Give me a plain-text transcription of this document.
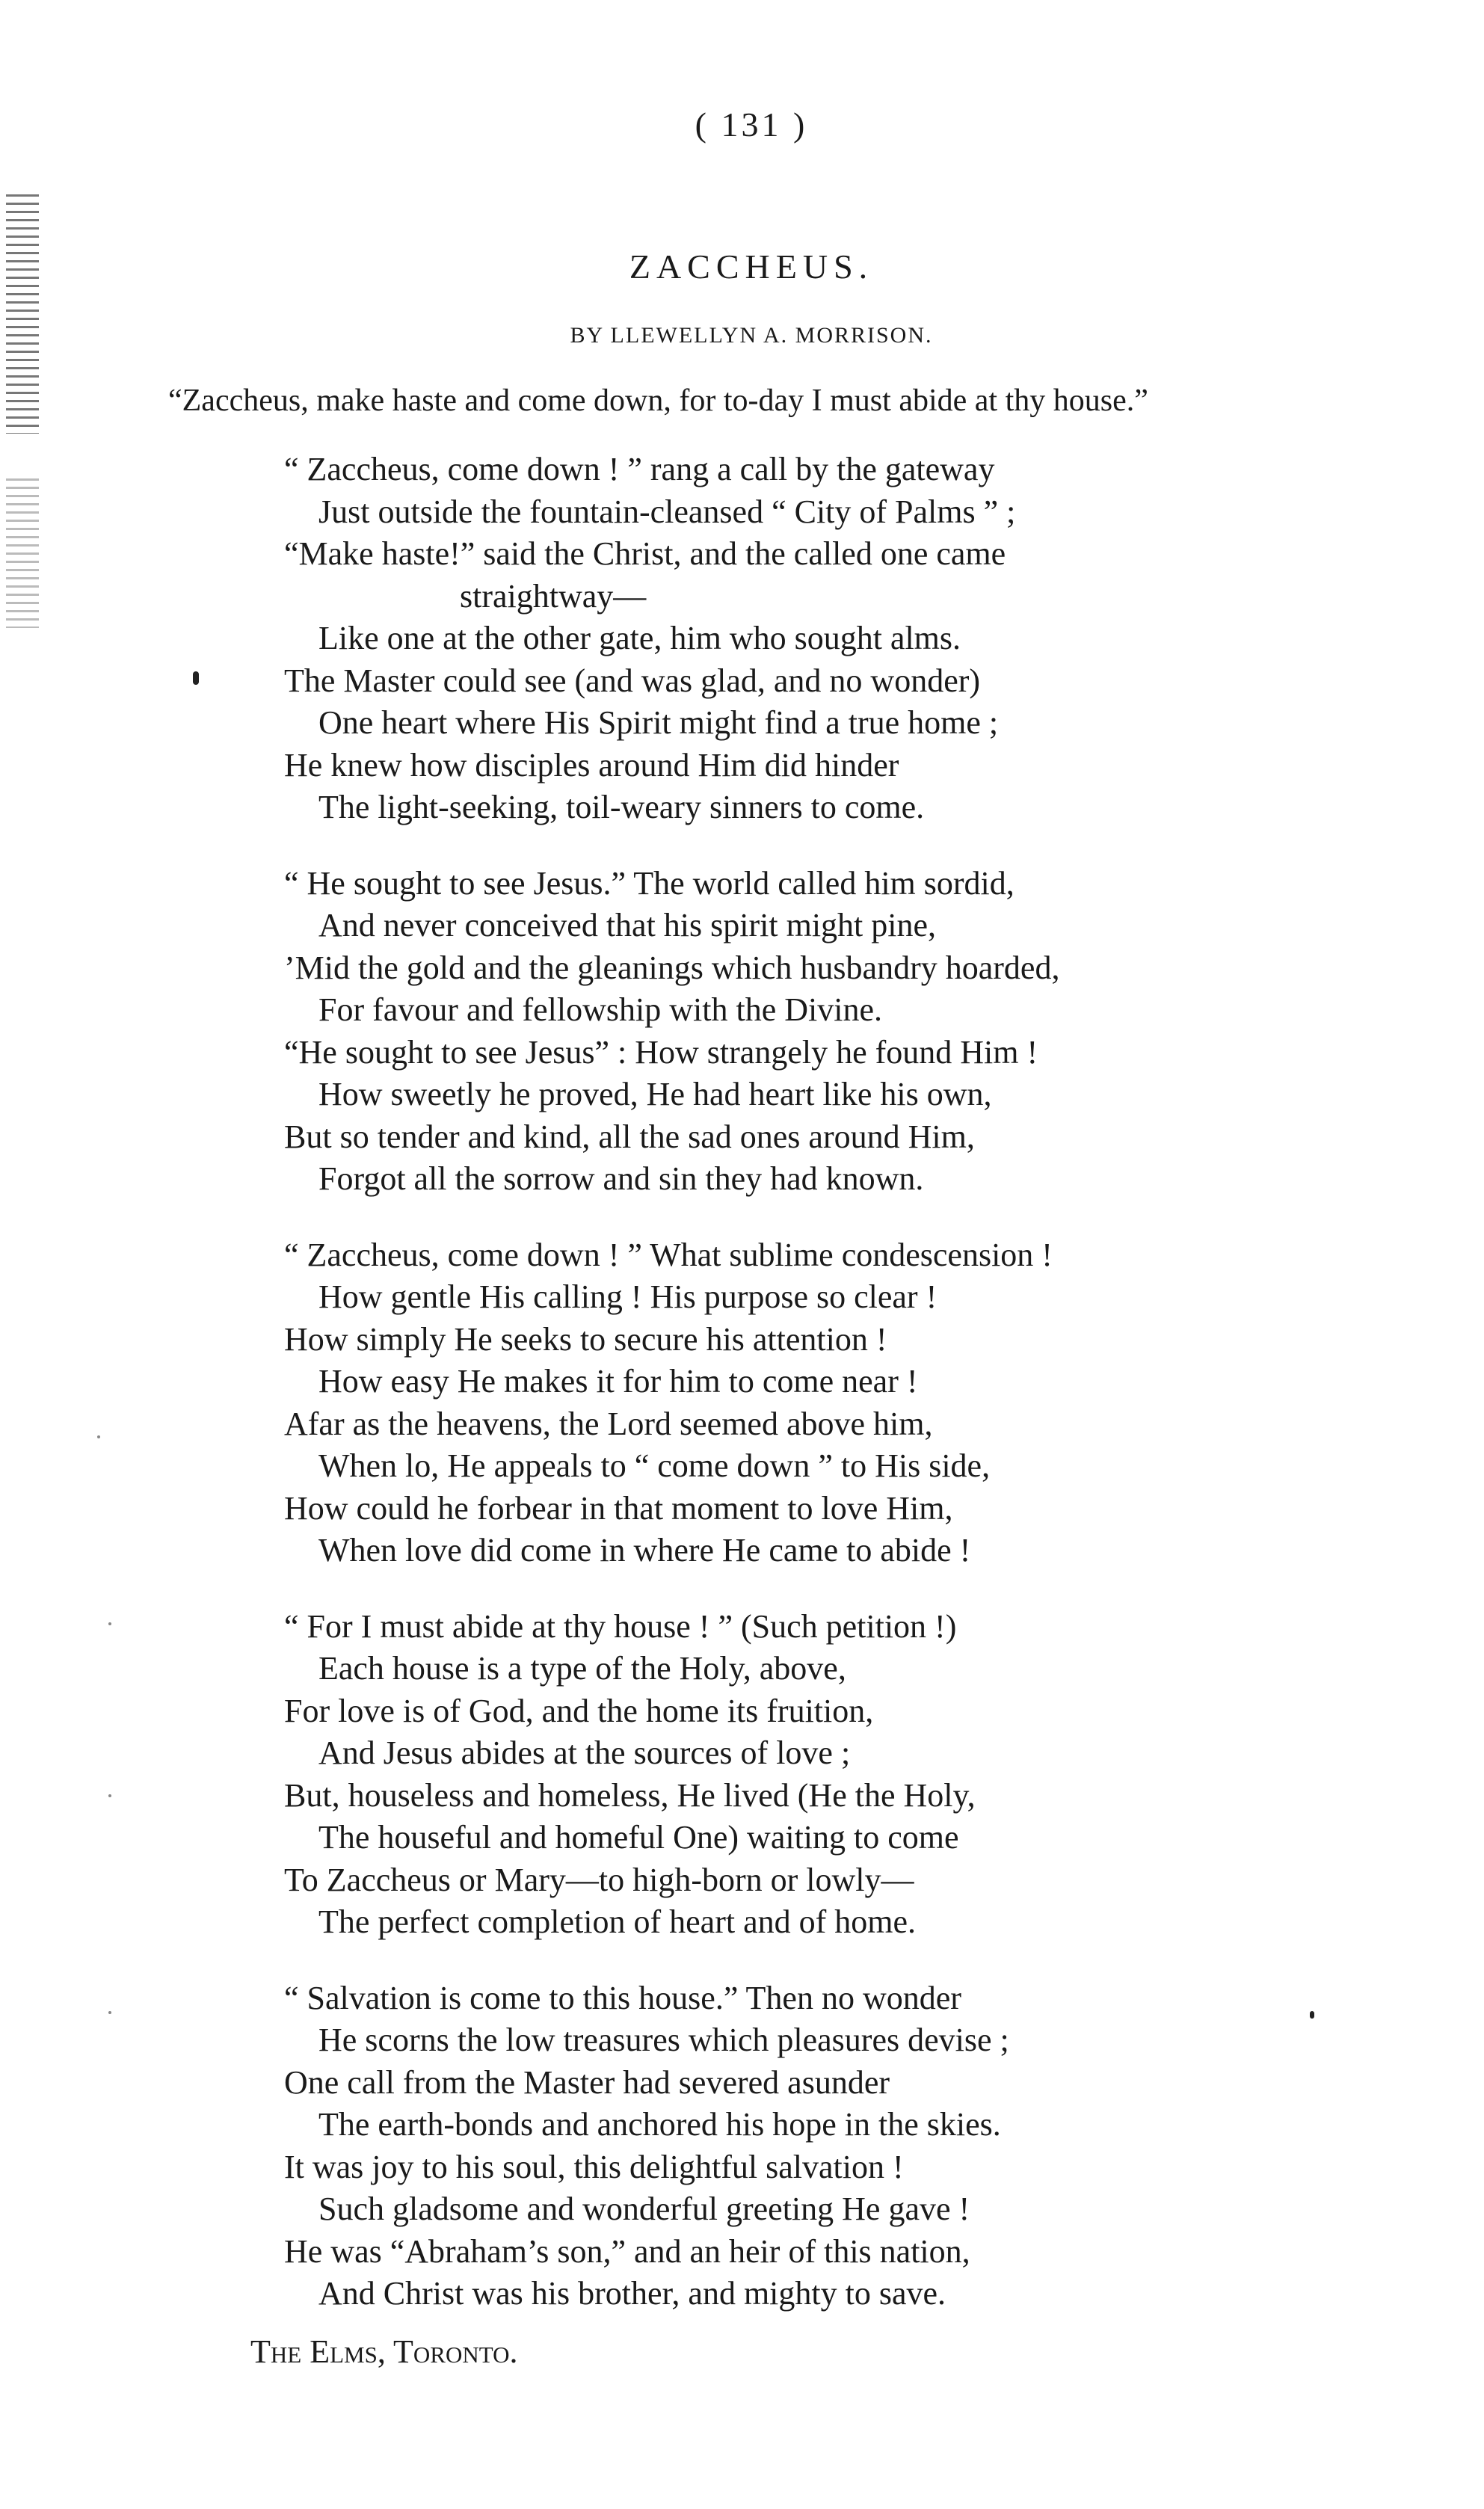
( 131 )
ZACCHEUS.
BY LLEWELLYN A. MORRISON.
“Zaccheus, make haste and come down, for to-day I must abide at thy house.”
“ Zaccheus, come down ! ” rang a call by the gateway
Just outside the fountain-cleansed “ City of Palms ” ;
“Make haste!” said the Christ, and the called one came
straightway—
Like one at the other gate, him who sought alms.
The Master could see (and was glad, and no wonder)
One heart where His Spirit might find a true home ;
He knew how disciples around Him did hinder
The light-seeking, toil-weary sinners to come.
“ He sought to see Jesus.” The world called him sordid,
And never conceived that his spirit might pine,
’Mid the gold and the gleanings which husbandry hoarded,
For favour and fellowship with the Divine.
“He sought to see Jesus” : How strangely he found Him !
How sweetly he proved, He had heart like his own,
But so tender and kind, all the sad ones around Him,
Forgot all the sorrow and sin they had known.
“ Zaccheus, come down ! ” What sublime condescension !
How gentle His calling ! His purpose so clear !
How simply He seeks to secure his attention !
How easy He makes it for him to come near !
Afar as the heavens, the Lord seemed above him,
When lo, He appeals to “ come down ” to His side,
How could he forbear in that moment to love Him,
When love did come in where He came to abide !
“ For I must abide at thy house ! ” (Such petition !)
Each house is a type of the Holy, above,
For love is of God, and the home its fruition,
And Jesus abides at the sources of love ;
But, houseless and homeless, He lived (He the Holy,
The houseful and homeful One) waiting to come
To Zaccheus or Mary—to high-born or lowly—
The perfect completion of heart and of home.
“ Salvation is come to this house.” Then no wonder
He scorns the low treasures which pleasures devise ;
One call from the Master had severed asunder
The earth-bonds and anchored his hope in the skies.
It was joy to his soul, this delightful salvation !
Such gladsome and wonderful greeting He gave !
He was “Abraham’s son,” and an heir of this nation,
And Christ was his brother, and mighty to save.
The Elms, Toronto.
